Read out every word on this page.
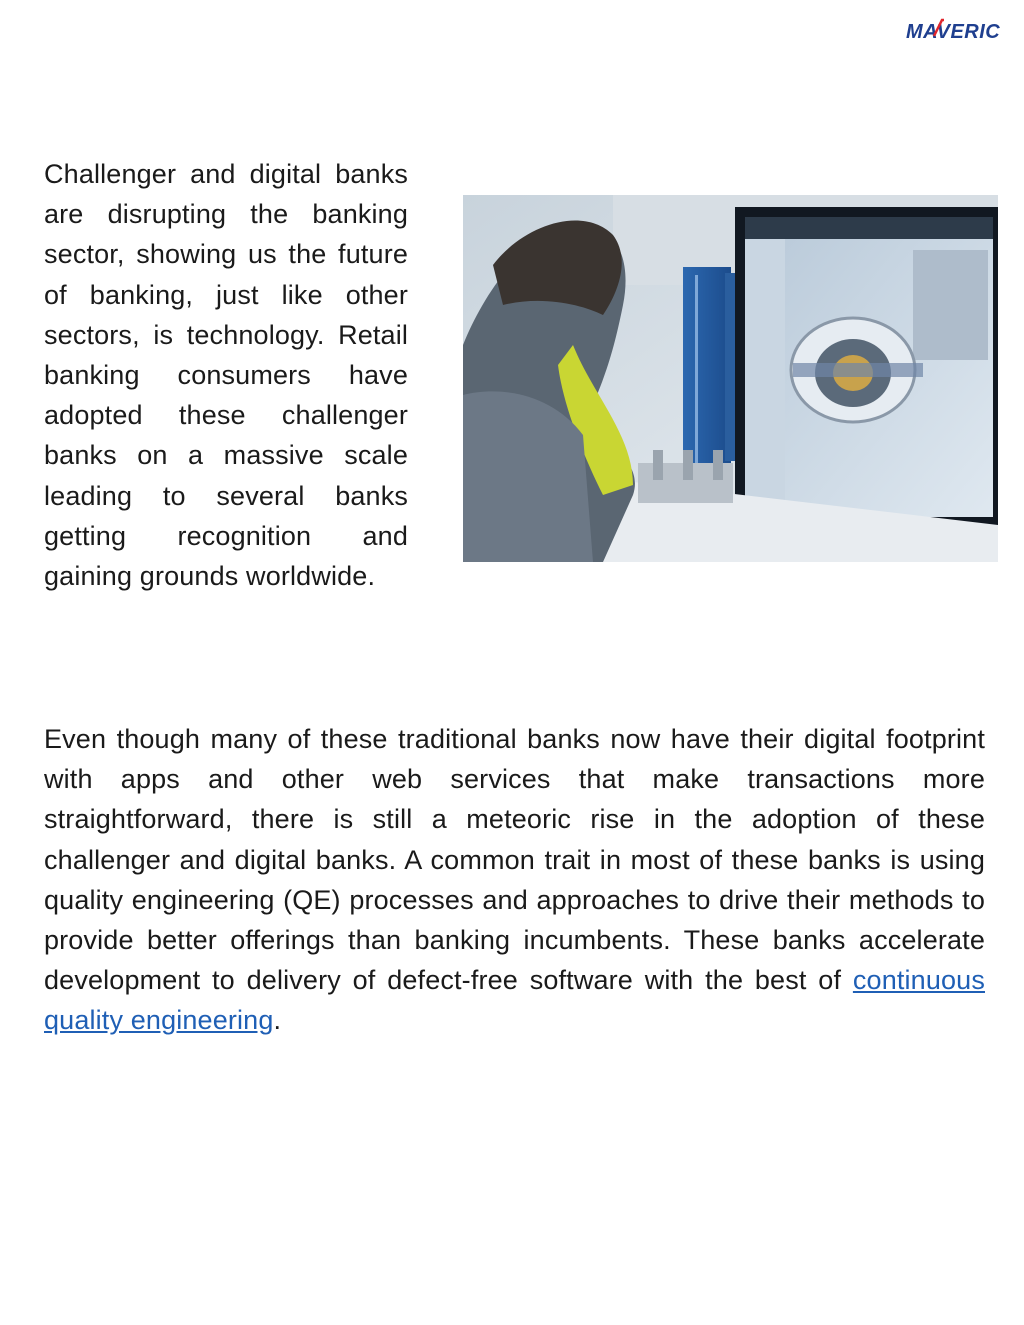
MAVERIC
Challenger and digital banks are disrupting the banking sector, showing us the future of banking, just like other sectors, is technology. Retail banking consumers have adopted these challenger banks on a massive scale leading to several banks getting recognition and gaining grounds worldwide.
Even though many of these traditional banks now have their digital footprint with apps and other web services that make transactions more straightforward, there is still a meteoric rise in the adoption of these challenger and digital banks. A common trait in most of these banks is using quality engineering (QE) processes and approaches to drive their methods to provide better offerings than banking incumbents. These banks accelerate development to delivery of defect-free software with the best of continuous quality engineering.
